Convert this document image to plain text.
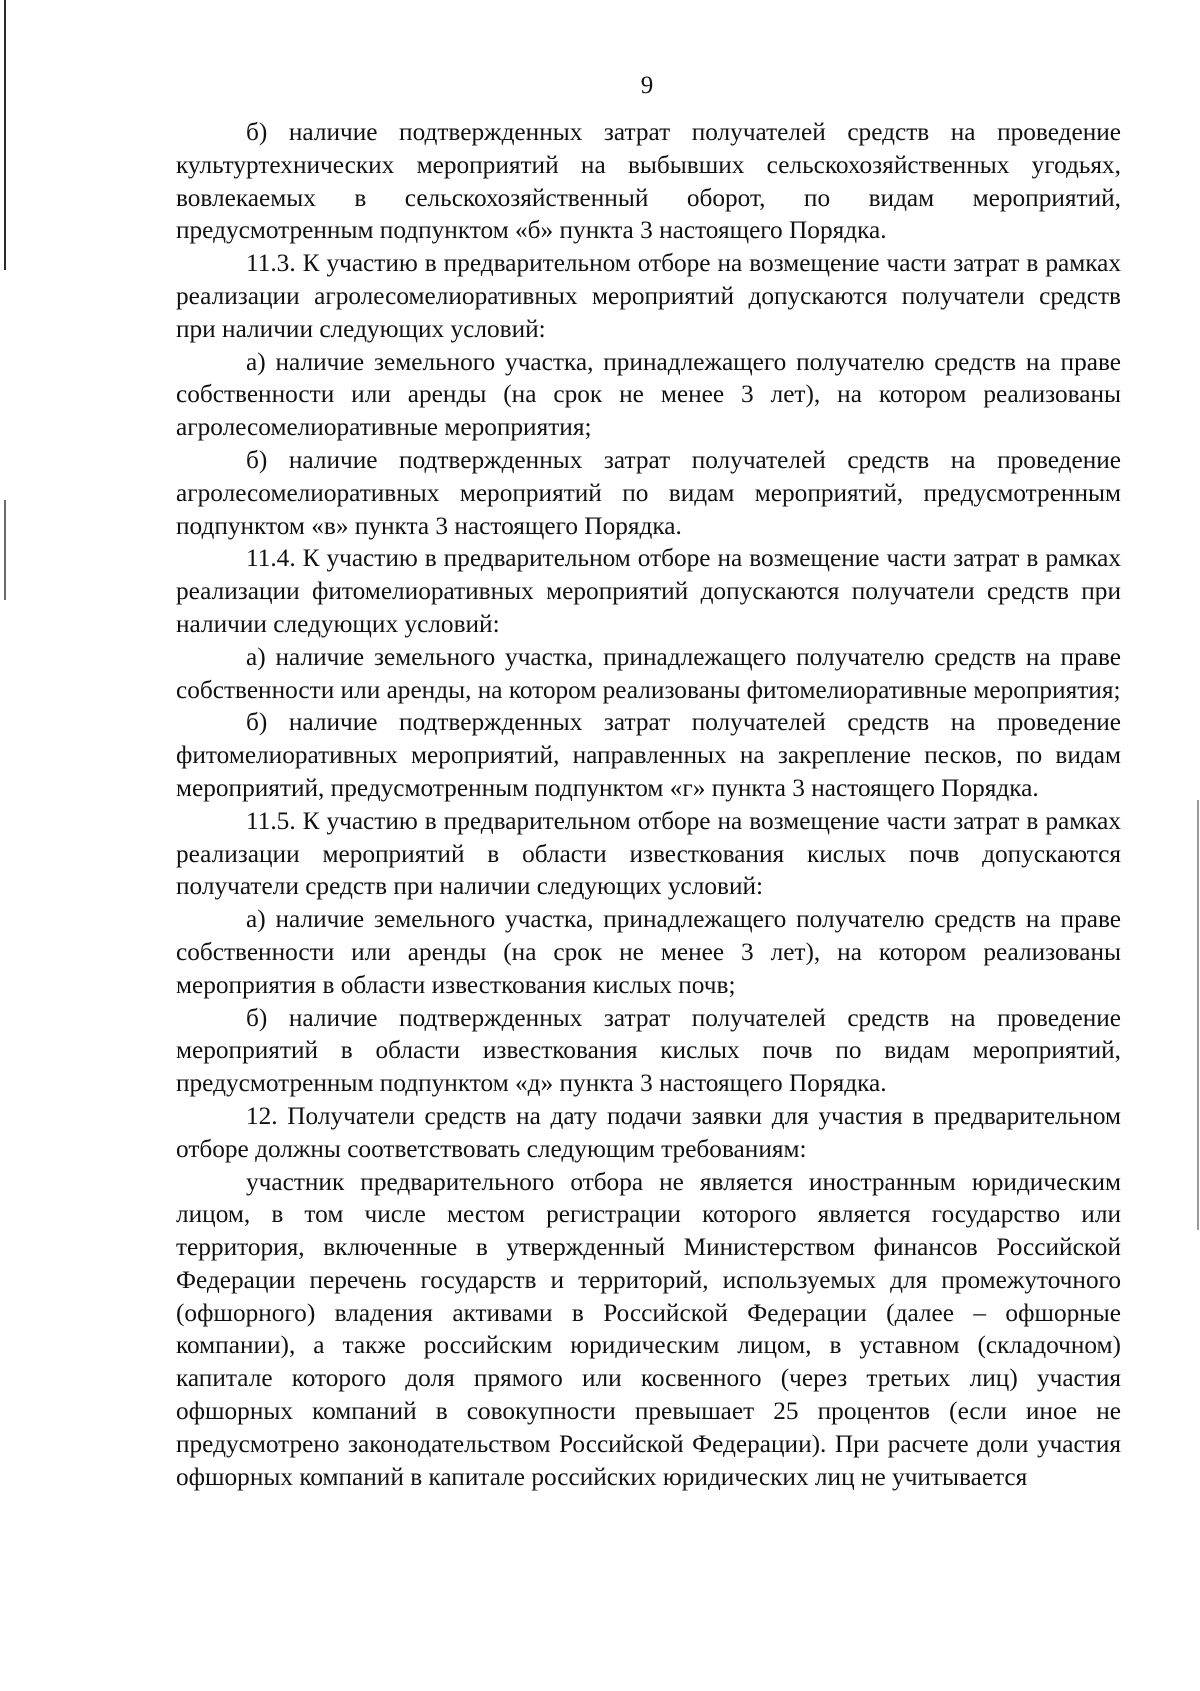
9

б) наличие подтвержденных затрат получателей средств на проведение культуртехнических мероприятий на выбывших сельскохозяйственных угодьях, вовлекаемых в сельскохозяйственный оборот, по видам мероприятий, предусмотренным подпунктом «б» пункта 3 настоящего Порядка.

11.3. К участию в предварительном отборе на возмещение части затрат в рамках реализации агролесомелиоративных мероприятий допускаются получатели средств при наличии следующих условий:

а) наличие земельного участка, принадлежащего получателю средств на праве собственности или аренды (на срок не менее 3 лет), на котором реализованы агролесомелиоративные мероприятия;

б) наличие подтвержденных затрат получателей средств на проведение агролесомелиоративных мероприятий по видам мероприятий, предусмотренным подпунктом «в» пункта 3 настоящего Порядка.

11.4. К участию в предварительном отборе на возмещение части затрат в рамках реализации фитомелиоративных мероприятий допускаются получатели средств при наличии следующих условий:

а) наличие земельного участка, принадлежащего получателю средств на праве собственности или аренды, на котором реализованы фитомелиоративные мероприятия;

б) наличие подтвержденных затрат получателей средств на проведение фитомелиоративных мероприятий, направленных на закрепление песков, по видам мероприятий, предусмотренным подпунктом «г» пункта 3 настоящего Порядка.

11.5. К участию в предварительном отборе на возмещение части затрат в рамках реализации мероприятий в области известкования кислых почв допускаются получатели средств при наличии следующих условий:

а) наличие земельного участка, принадлежащего получателю средств на праве собственности или аренды (на срок не менее 3 лет), на котором реализованы мероприятия в области известкования кислых почв;

б) наличие подтвержденных затрат получателей средств на проведение мероприятий в области известкования кислых почв по видам мероприятий, предусмотренным подпунктом «д» пункта 3 настоящего Порядка.

12. Получатели средств на дату подачи заявки для участия в предварительном отборе должны соответствовать следующим требованиям:

участник предварительного отбора не является иностранным юридическим лицом, в том числе местом регистрации которого является государство или территория, включенные в утвержденный Министерством финансов Российской Федерации перечень государств и территорий, используемых для промежуточного (офшорного) владения активами в Российской Федерации (далее – офшорные компании), а также российским юридическим лицом, в уставном (складочном) капитале которого доля прямого или косвенного (через третьих лиц) участия офшорных компаний в совокупности превышает 25 процентов (если иное не предусмотрено законодательством Российской Федерации). При расчете доли участия офшорных компаний в капитале российских юридических лиц не учитывается
